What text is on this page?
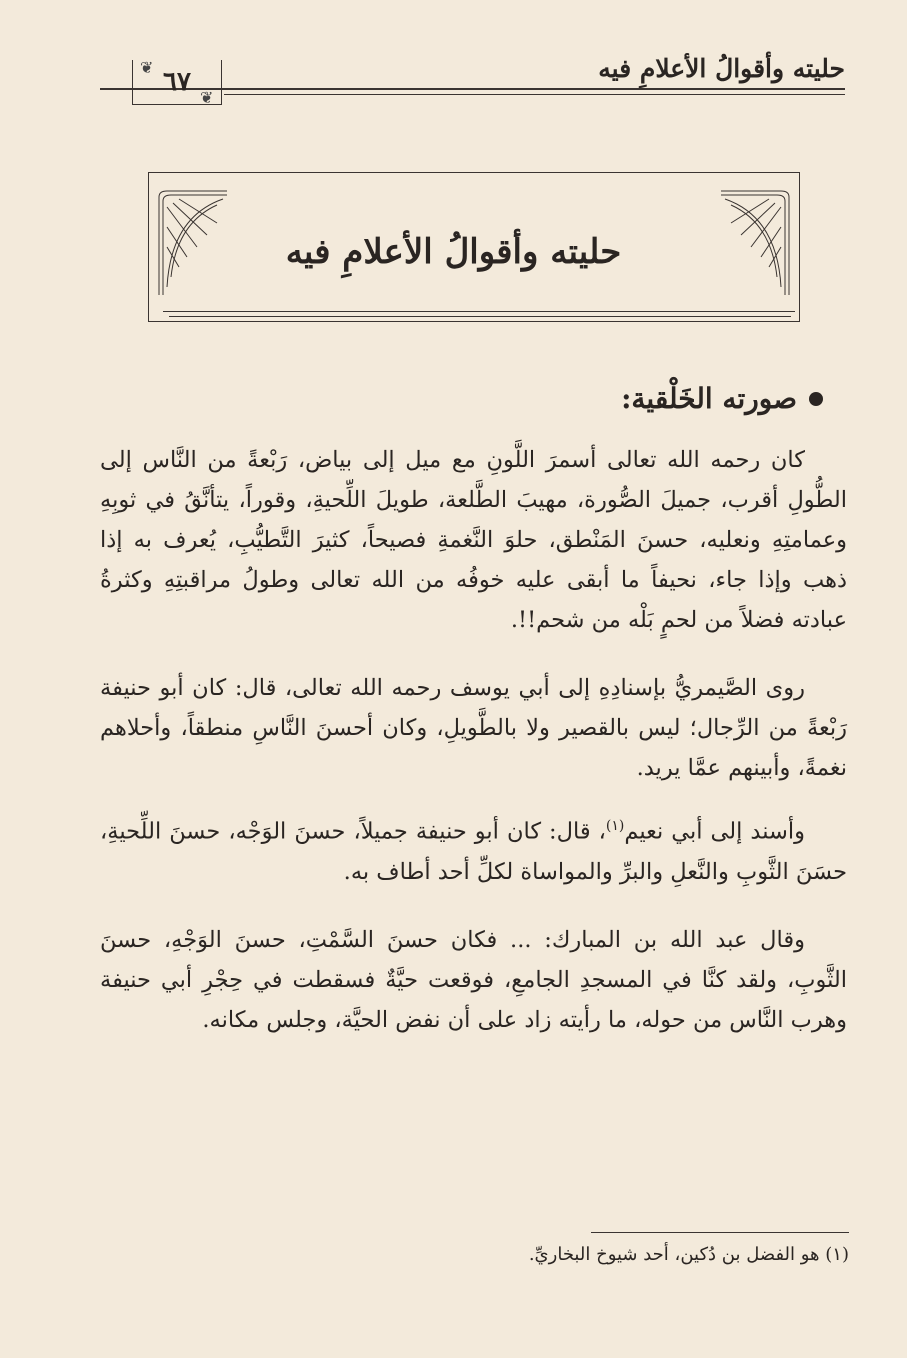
حليته وأقوالُ الأعلامِ فيه
٦٧
❦
❦
حليته وأقوالُ الأعلامِ فيه
صورته الخَلْقية:

كان رحمه الله تعالى أسمرَ اللَّونِ مع ميل إلى بياض، رَبْعةً من النَّاس إلى الطُّولِ أقرب، جميلَ الصُّورة، مهيبَ الطَّلعة، طويلَ اللِّحيةِ، وقوراً، يتأنَّقُ في ثوبِهِ وعمامتِهِ ونعليه، حسنَ المَنْطق، حلوَ النَّغمةِ فصيحاً، كثيرَ التَّطيُّبِ، يُعرف به إذا ذهب وإذا جاء، نحيفاً ما أبقى عليه خوفُه من الله تعالى وطولُ مراقبتِهِ وكثرةُ عبادته فضلاً من لحمٍ بَلْه من شحم!!.

روى الصَّيمريُّ بإسنادِهِ إلى أبي يوسف رحمه الله تعالى، قال: كان أبو حنيفة رَبْعةً من الرِّجال؛ ليس بالقصير ولا بالطَّويلِ، وكان أحسنَ النَّاسِ منطقاً، وأحلاهم نغمةً، وأبينهم عمَّا يريد.

وأسند إلى أبي نعيم$^{(١)}$، قال: كان أبو حنيفة جميلاً، حسنَ الوَجْه، حسنَ اللِّحيةِ، حسَنَ الثَّوبِ والنَّعلِ والبرِّ والمواساة لكلِّ أحد أطاف به.

وقال عبد الله بن المبارك: ... فكان حسنَ السَّمْتِ، حسنَ الوَجْهِ، حسنَ الثَّوبِ، ولقد كنَّا في المسجدِ الجامعِ، فوقعت حيَّةٌ فسقطت في حِجْرِ أبي حنيفة وهرب النَّاس من حوله، ما رأيته زاد على أن نفض الحيَّة، وجلس مكانه.

(١) هو الفضل بن دُكين، أحد شيوخ البخاريِّ.
